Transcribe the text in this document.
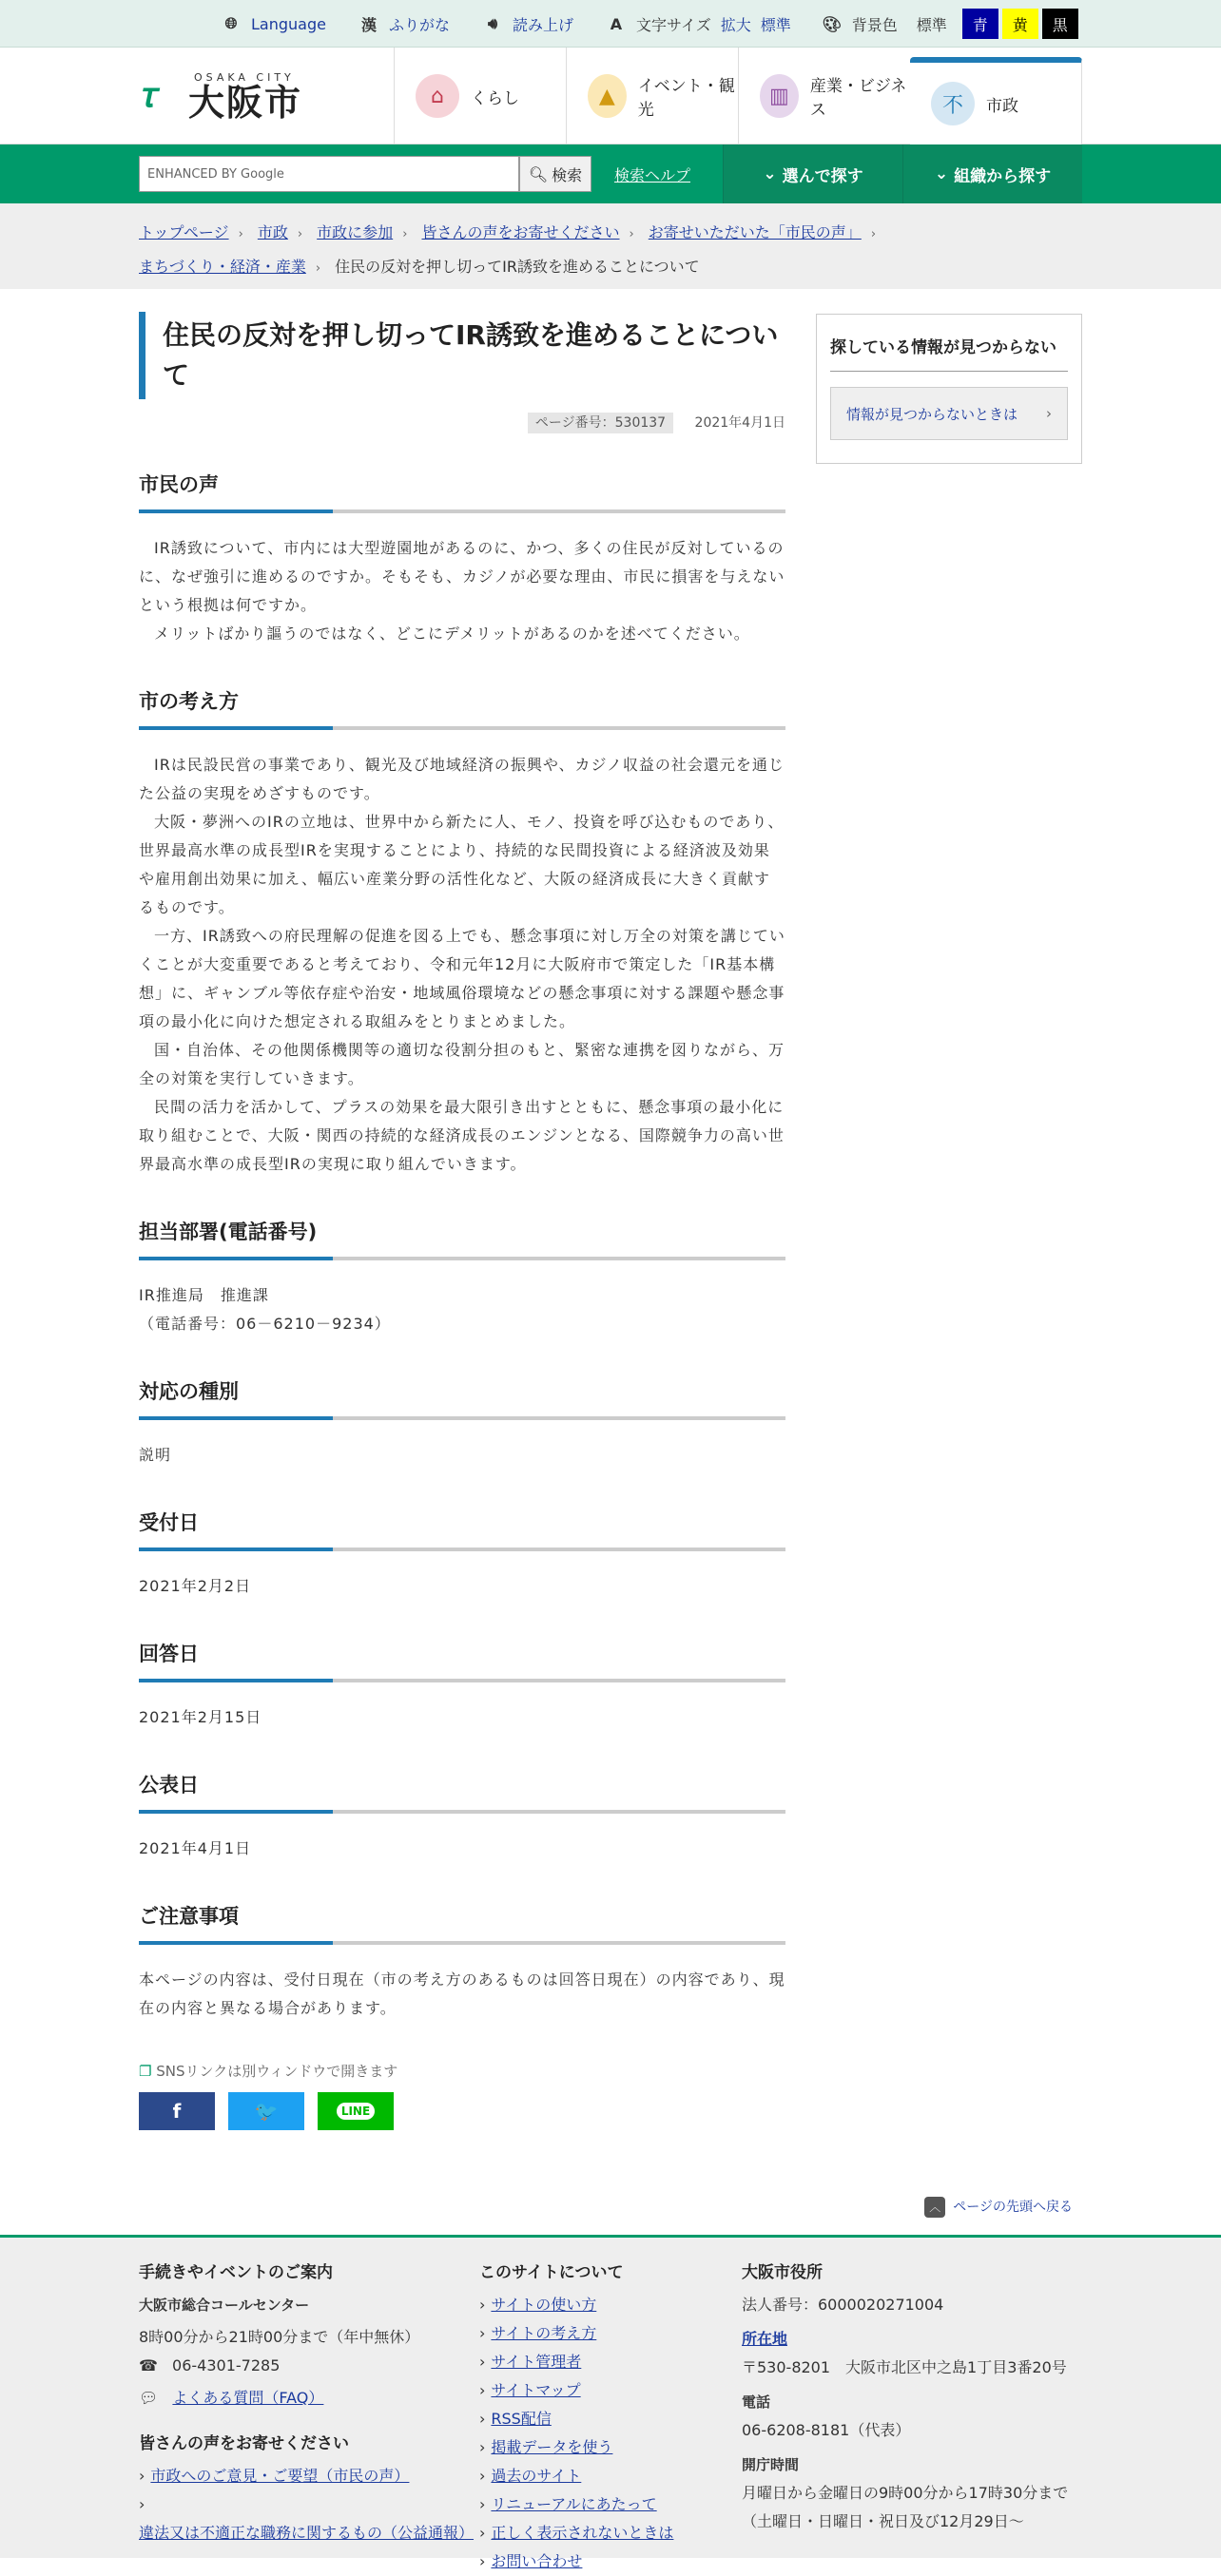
🌐︎ Language	漢 ふりがな	🔊︎ 読み上げ	A 文字サイズ 拡大 標準 🎨︎ 背景色 標準	青	黄	黒
𝜏	OSAKA CITY
大阪市	⌂	くらし	▲	イベント・観光
▥	産業・ビジネス	不	市政
ENHANCED BY Google	🔍︎ 検索 検索ヘルプ	⌄ 選んで探す	⌄ 組織から探す
トップページ › 市政 › 市政に参加 › 皆さんの声をお寄せください › お寄せいただいた「市民の声」 ›
まちづくり・経済・産業 › 住民の反対を押し切ってIR誘致を進めることについて
住民の反対を押し切ってIR誘致を進めることについて
ページ番号：530137 2021年4月1日
市民の声

IR誘致について、市内には大型遊園地があるのに、かつ、多くの住民が反対しているのに、なぜ強引に進めるのですか。そもそも、カジノが必要な理由、市民に損害を与えないという根拠は何ですか。

メリットばかり謳うのではなく、どこにデメリットがあるのかを述べてください。

市の考え方

IRは民設民営の事業であり、観光及び地域経済の振興や、カジノ収益の社会還元を通じた公益の実現をめざすものです。

大阪・夢洲へのIRの立地は、世界中から新たに人、モノ、投資を呼び込むものであり、世界最高水準の成長型IRを実現することにより、持続的な民間投資による経済波及効果や雇用創出効果に加え、幅広い産業分野の活性化など、大阪の経済成長に大きく貢献するものです。

一方、IR誘致への府民理解の促進を図る上でも、懸念事項に対し万全の対策を講じていくことが大変重要であると考えており、令和元年12月に大阪府市で策定した「IR基本構想」に、ギャンブル等依存症や治安・地域風俗環境などの懸念事項に対する課題や懸念事項の最小化に向けた想定される取組みをとりまとめました。

国・自治体、その他関係機関等の適切な役割分担のもと、緊密な連携を図りながら、万全の対策を実行していきます。

民間の活力を活かして、プラスの効果を最大限引き出すとともに、懸念事項の最小化に取り組むことで、大阪・関西の持続的な経済成長のエンジンとなる、国際競争力の高い世界最高水準の成長型IRの実現に取り組んでいきます。

担当部署(電話番号)

IR推進局　推進課

（電話番号：06－6210－9234）

対応の種別

説明

受付日

2021年2月2日

回答日

2021年2月15日

公表日

2021年4月1日

ご注意事項

本ページの内容は、受付日現在（市の考え方のあるものは回答日現在）の内容であり、現在の内容と異なる場合があります。

❐ SNSリンクは別ウィンドウで開きます
f	🐦	LINE
探している情報が見つからない
情報が見つからないときは ›
︿ ページの先頭へ戻る
手続きやイベントのご案内
大阪市総合コールセンター
8時00分から21時00分まで（年中無休）
☎ 06-4301-7285
💬︎ よくある質問（FAQ）
皆さんの声をお寄せください
› 市政へのご意見・ご要望（市民の声）
› 違法又は不適正な職務に関するもの（公益通報）
このサイトについて
› サイトの使い方
› サイトの考え方
› サイト管理者
› サイトマップ
› RSS配信
› 掲載データを使う
› 過去のサイト
› リニューアルにあたって
› 正しく表示されないときは
› お問い合わせ
大阪市役所
法人番号：6000020271004
所在地
〒530-8201　大阪市北区中之島1丁目3番20号
電話
06-6208-8181（代表）
開庁時間
月曜日から金曜日の9時00分から17時30分まで
（土曜日・日曜日・祝日及び12月29日～
